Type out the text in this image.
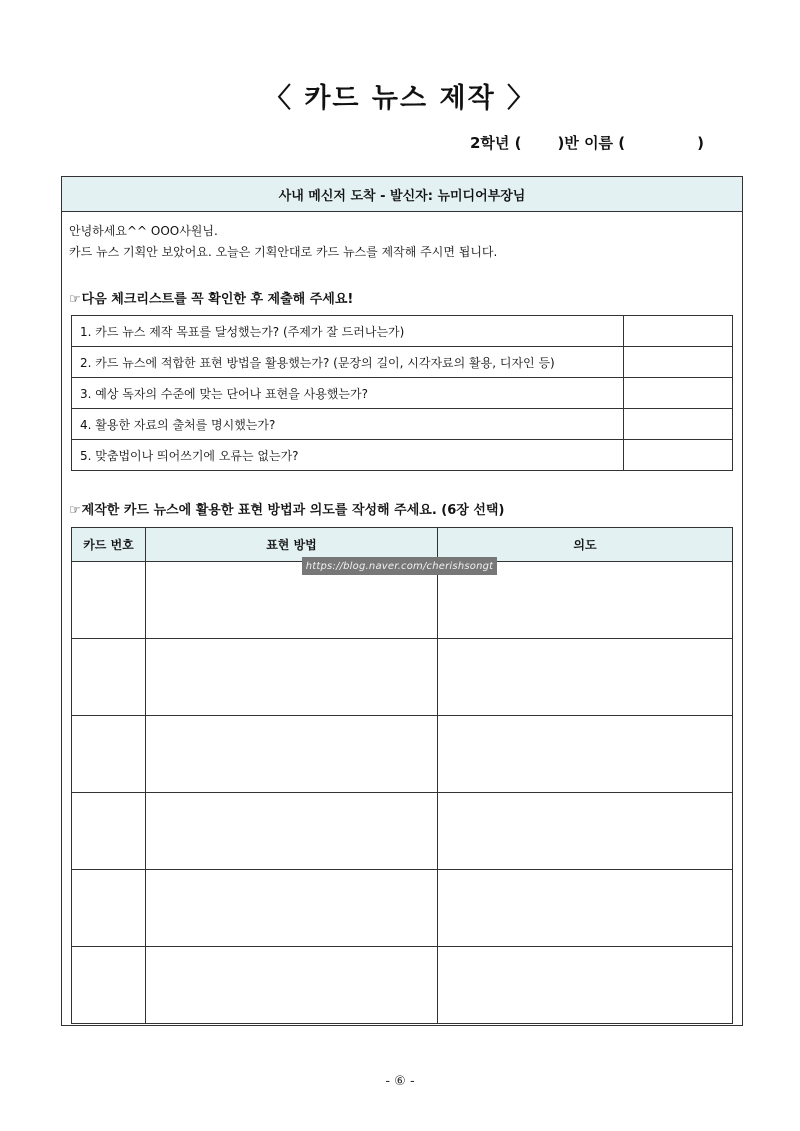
〈 카드 뉴스 제작 〉
2학년 ( )반 이름 (	)
사내 메신저 도착 - 발신자: 뉴미디어부장님
안녕하세요^^ OOO사원님.
카드 뉴스 기획안 보았어요. 오늘은 기획안대로 카드 뉴스를 제작해 주시면 됩니다.
☞다음 체크리스트를 꼭 확인한 후 제출해 주세요!
1. 카드 뉴스 제작 목표를 달성했는가? (주제가 잘 드러나는가)	
2. 카드 뉴스에 적합한 표현 방법을 활용했는가? (문장의 길이, 시각자료의 활용, 디자인 등)	
3. 예상 독자의 수준에 맞는 단어나 표현을 사용했는가?	
4. 활용한 자료의 출처를 명시했는가?	
5. 맞춤법이나 띄어쓰기에 오류는 없는가?	
☞제작한 카드 뉴스에 활용한 표현 방법과 의도를 작성해 주세요. (6장 선택)
카드 번호	표현 방법	의도

https://blog.naver.com/cherishsongt
- ⑥ -
